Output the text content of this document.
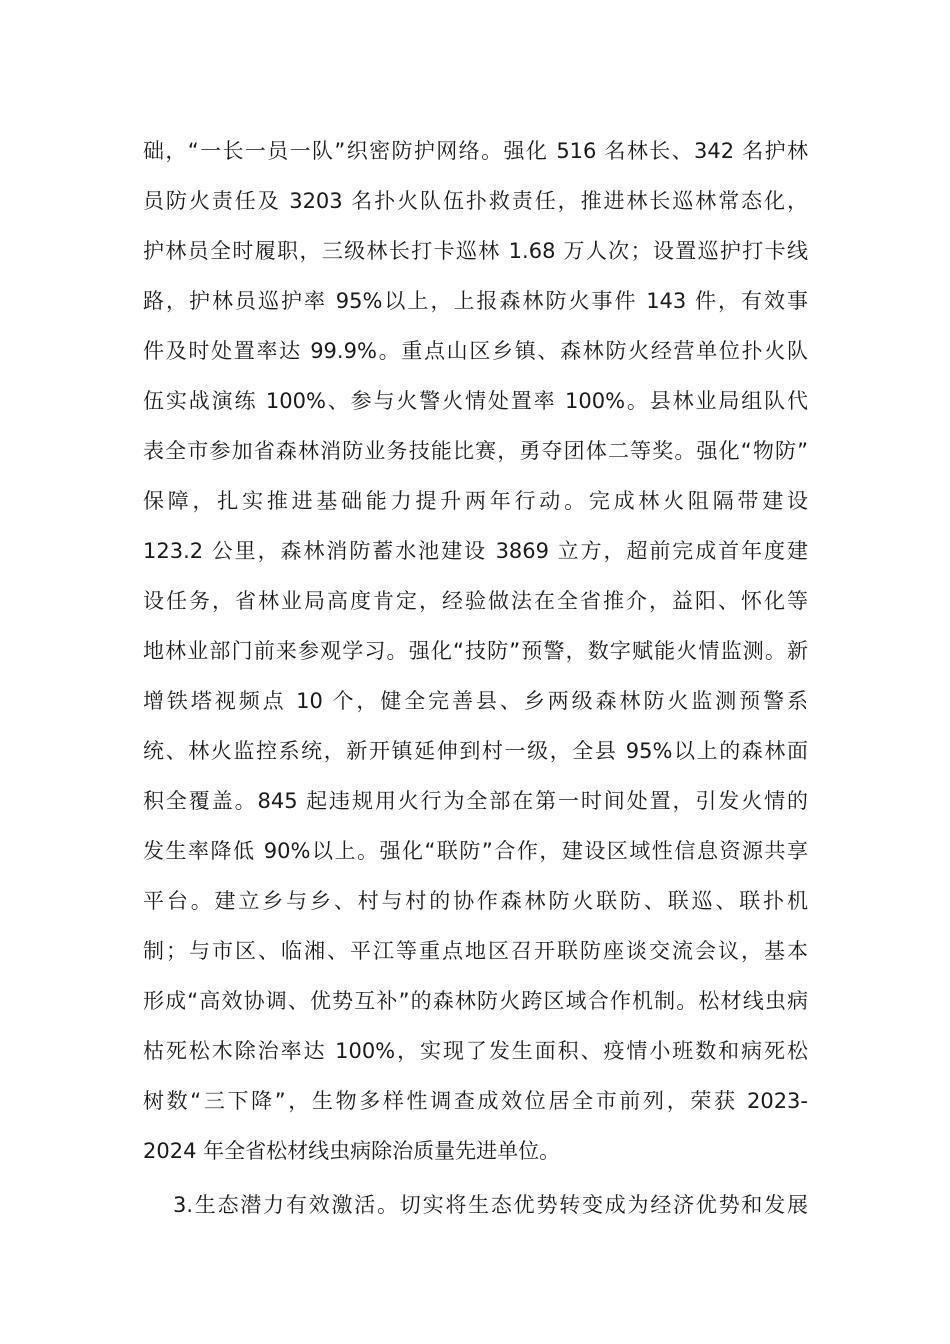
础，“一长一员一队”织密防护网络。强化 516 名林长、342 名护林
员防火责任及 3203 名扑火队伍扑救责任，推进林长巡林常态化，
护林员全时履职，三级林长打卡巡林 1.68 万人次；设置巡护打卡线
路，护林员巡护率 95%以上，上报森林防火事件 143 件，有效事
件及时处置率达 99.9%。重点山区乡镇、森林防火经营单位扑火队
伍实战演练 100%、参与火警火情处置率 100%。县林业局组队代
表全市参加省森林消防业务技能比赛，勇夺团体二等奖。强化“物防”
保障，扎实推进基础能力提升两年行动。完成林火阻隔带建设
123.2 公里，森林消防蓄水池建设 3869 立方，超前完成首年度建
设任务，省林业局高度肯定，经验做法在全省推介，益阳、怀化等
地林业部门前来参观学习。强化“技防”预警，数字赋能火情监测。新
增铁塔视频点 10 个，健全完善县、乡两级森林防火监测预警系
统、林火监控系统，新开镇延伸到村一级，全县 95%以上的森林面
积全覆盖。845 起违规用火行为全部在第一时间处置，引发火情的
发生率降低 90%以上。强化“联防”合作，建设区域性信息资源共享
平台。建立乡与乡、村与村的协作森林防火联防、联巡、联扑机
制；与市区、临湘、平江等重点地区召开联防座谈交流会议，基本
形成“高效协调、优势互补”的森林防火跨区域合作机制。松材线虫病
枯死松木除治率达 100%，实现了发生面积、疫情小班数和病死松
树数“三下降”，生物多样性调查成效位居全市前列，荣获 2023-
2024 年全省松材线虫病除治质量先进单位。
3.生态潜力有效激活。切实将生态优势转变成为经济优势和发展
